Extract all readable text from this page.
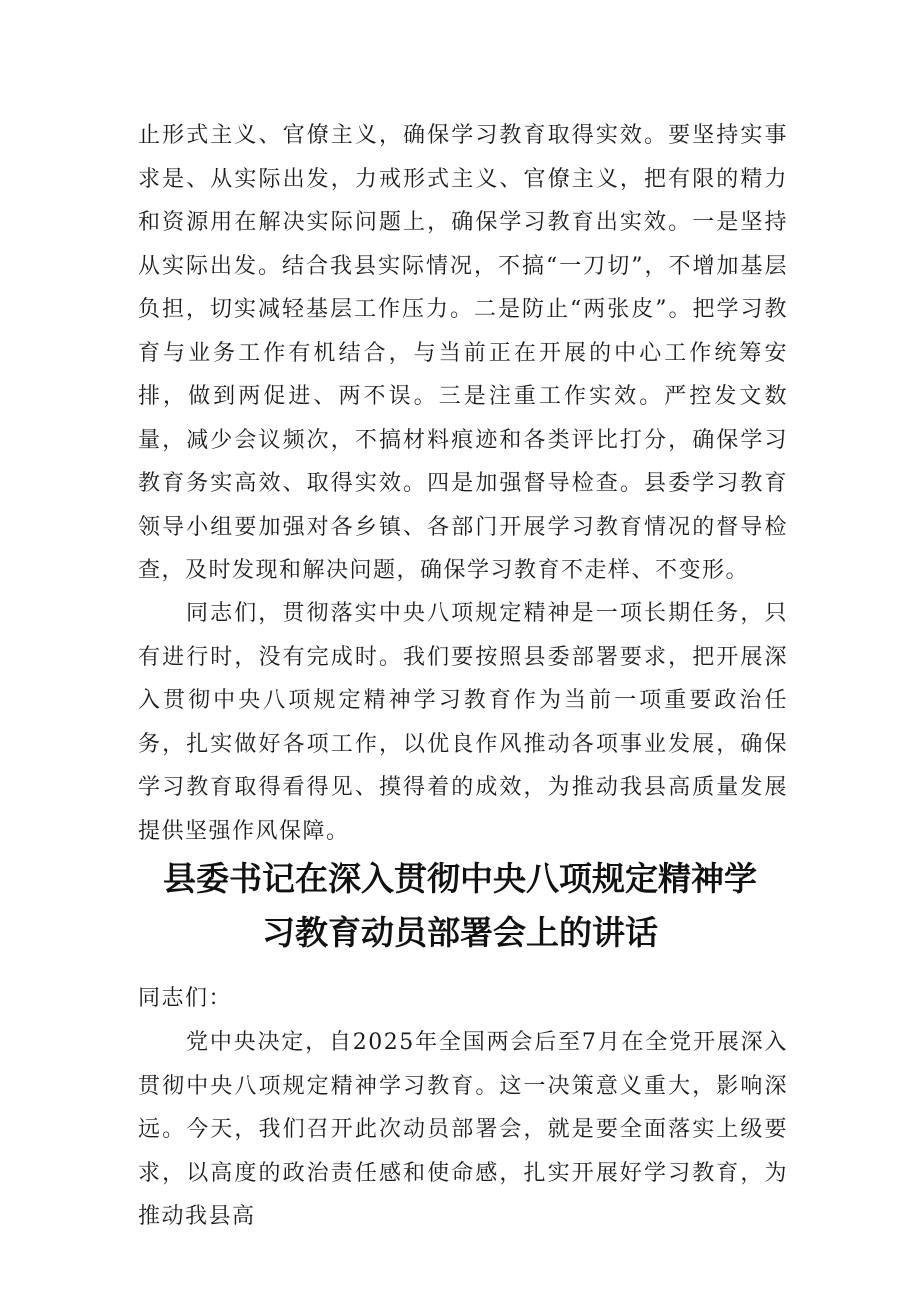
止形式主义、官僚主义，确保学习教育取得实效。要坚持实事求是、从实际出发，力戒形式主义、官僚主义，把有限的精力和资源用在解决实际问题上，确保学习教育出实效。一是坚持从实际出发。结合我县实际情况，不搞“一刀切”，不增加基层负担，切实减轻基层工作压力。二是防止“两张皮”。把学习教育与业务工作有机结合，与当前正在开展的中心工作统筹安排，做到两促进、两不误。三是注重工作实效。严控发文数量，减少会议频次，不搞材料痕迹和各类评比打分，确保学习教育务实高效、取得实效。四是加强督导检查。县委学习教育领导小组要加强对各乡镇、各部门开展学习教育情况的督导检查，及时发现和解决问题，确保学习教育不走样、不变形。

同志们，贯彻落实中央八项规定精神是一项长期任务，只有进行时，没有完成时。我们要按照县委部署要求，把开展深入贯彻中央八项规定精神学习教育作为当前一项重要政治任务，扎实做好各项工作，以优良作风推动各项事业发展，确保学习教育取得看得见、摸得着的成效，为推动我县高质量发展提供坚强作风保障。

县委书记在深入贯彻中央八项规定精神学
习教育动员部署会上的讲话

同志们：

党中央决定，自2025年全国两会后至7月在全党开展深入贯彻中央八项规定精神学习教育。这一决策意义重大，影响深远。今天，我们召开此次动员部署会，就是要全面落实上级要求，以高度的政治责任感和使命感，扎实开展好学习教育，为推动我县高
